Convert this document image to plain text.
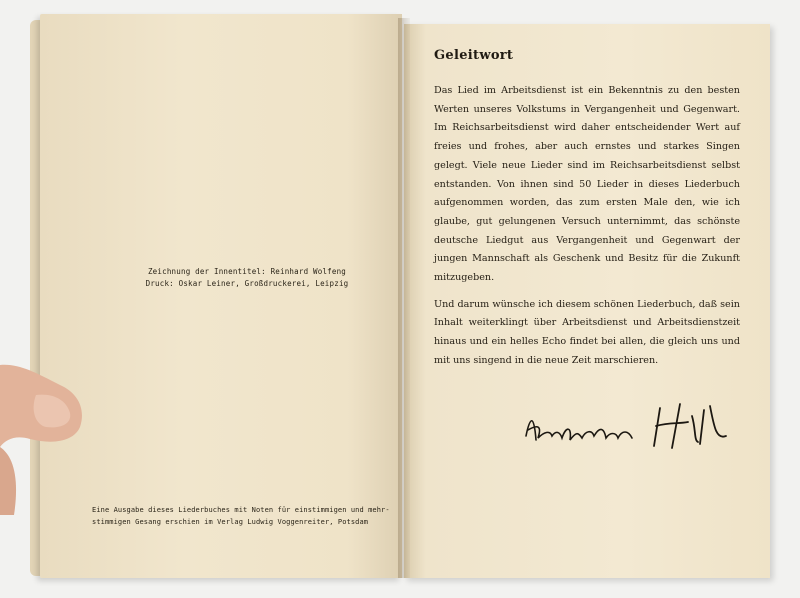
Zeichnung der Innentitel: Reinhard Wolfeng
Druck: Oskar Leiner, Großdruckerei, Leipzig
Eine Ausgabe dieses Liederbuches mit Noten für einstimmigen und mehr-
stimmigen Gesang erschien im Verlag Ludwig Voggenreiter, Potsdam
Geleitwort

Das Lied im Arbeitsdienst ist ein Bekenntnis zu den besten Werten unseres Volkstums in Vergangenheit und Gegenwart. Im Reichsarbeitsdienst wird daher entscheidender Wert auf freies und frohes, aber auch ernstes und starkes Singen gelegt. Viele neue Lieder sind im Reichsarbeitsdienst selbst entstanden. Von ihnen sind 50 Lieder in dieses Liederbuch aufgenommen worden, das zum ersten Male den, wie ich glaube, gut gelungenen Versuch unternimmt, das schönste deutsche Liedgut aus Vergangenheit und Gegenwart der jungen Mannschaft als Geschenk und Besitz für die Zukunft mitzugeben.

Und darum wünsche ich diesem schönen Liederbuch, daß sein Inhalt weiterklingt über Arbeitsdienst und Arbeitsdienstzeit hinaus und ein helles Echo findet bei allen, die gleich uns und mit uns singend in die neue Zeit marschieren.
